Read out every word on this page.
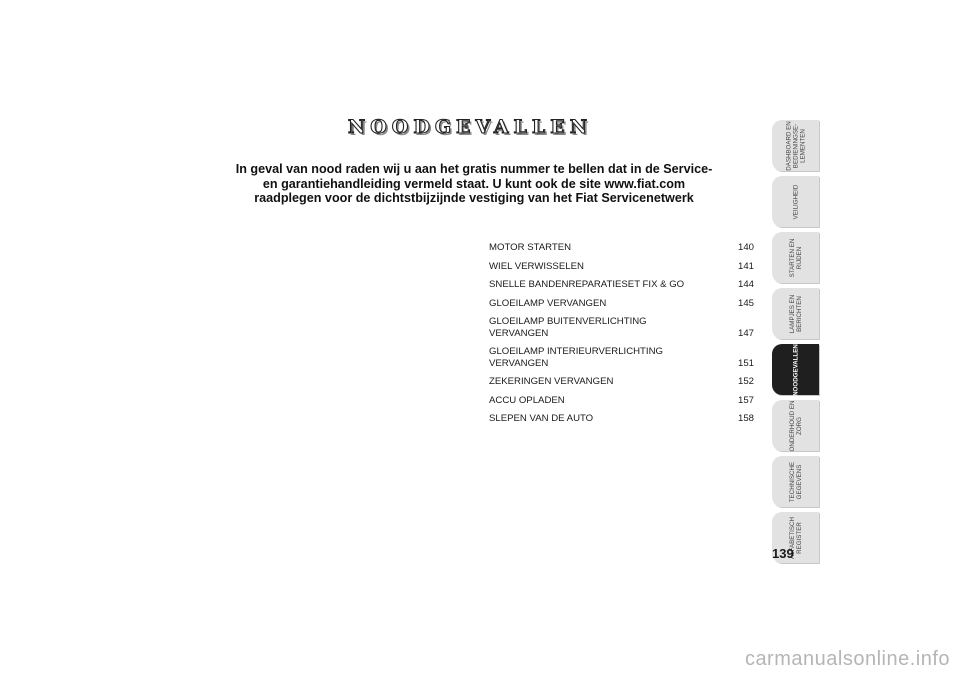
NOODGEVALLEN
In geval van nood raden wij u aan het gratis nummer te bellen dat in de Service- en garantiehandleiding vermeld staat. U kunt ook de site www.fiat.com raadplegen voor de dichtstbijzijnde vestiging van het Fiat Servicenetwerk
MOTOR STARTEN	140
WIEL VERWISSELEN	141
SNELLE BANDENREPARATIESET FIX & GO	144
GLOEILAMP VERVANGEN	145
GLOEILAMP BUITENVERLICHTING
VERVANGEN	147
GLOEILAMP INTERIEURVERLICHTING
VERVANGEN	151
ZEKERINGEN VERVANGEN	152
ACCU OPLADEN	157
SLEPEN VAN DE AUTO	158
DASHBOARD EN
BEDIENINGSE-
LEMENTEN
VEILIGHEID
STARTEN EN
RIJDEN
LAMPJES EN
BERICHTEN
NOODGEVALLEN
ONDERHOUD EN
ZORG
TECHNISCHE
GEGEVENS
ALFABETISCH
REGISTER
139
carmanualsonline.info
